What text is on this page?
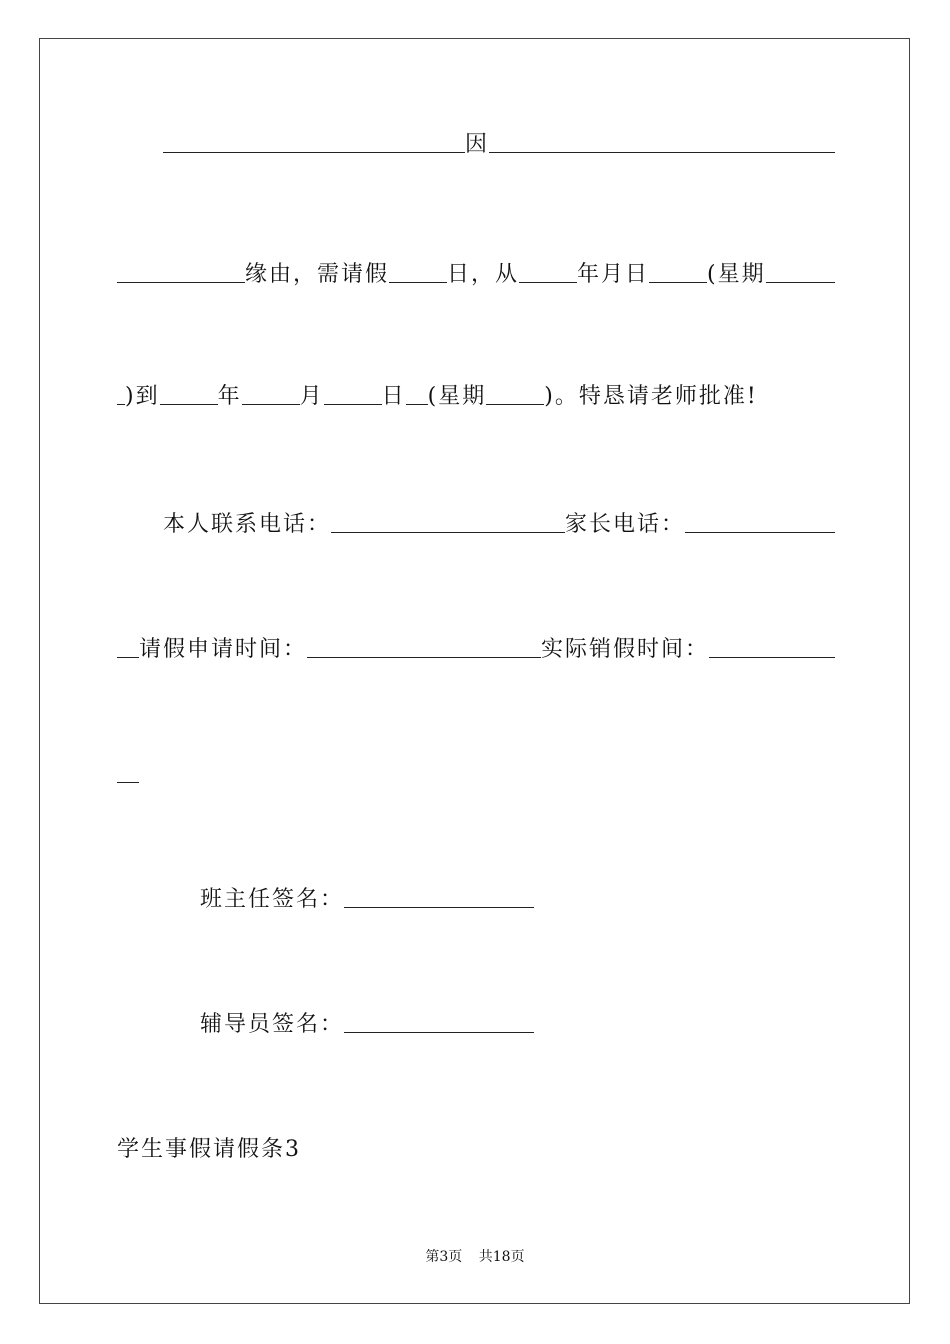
因
缘由，需请假	日，从	年月日	(星期
)到	年	月	日 (星期	)。特恳请老师批准!
本人联系电话：	家长电话：
请假申请时间：	实际销假时间：
班主任签名：
辅导员签名：
学生事假请假条3
第3页 共18页
